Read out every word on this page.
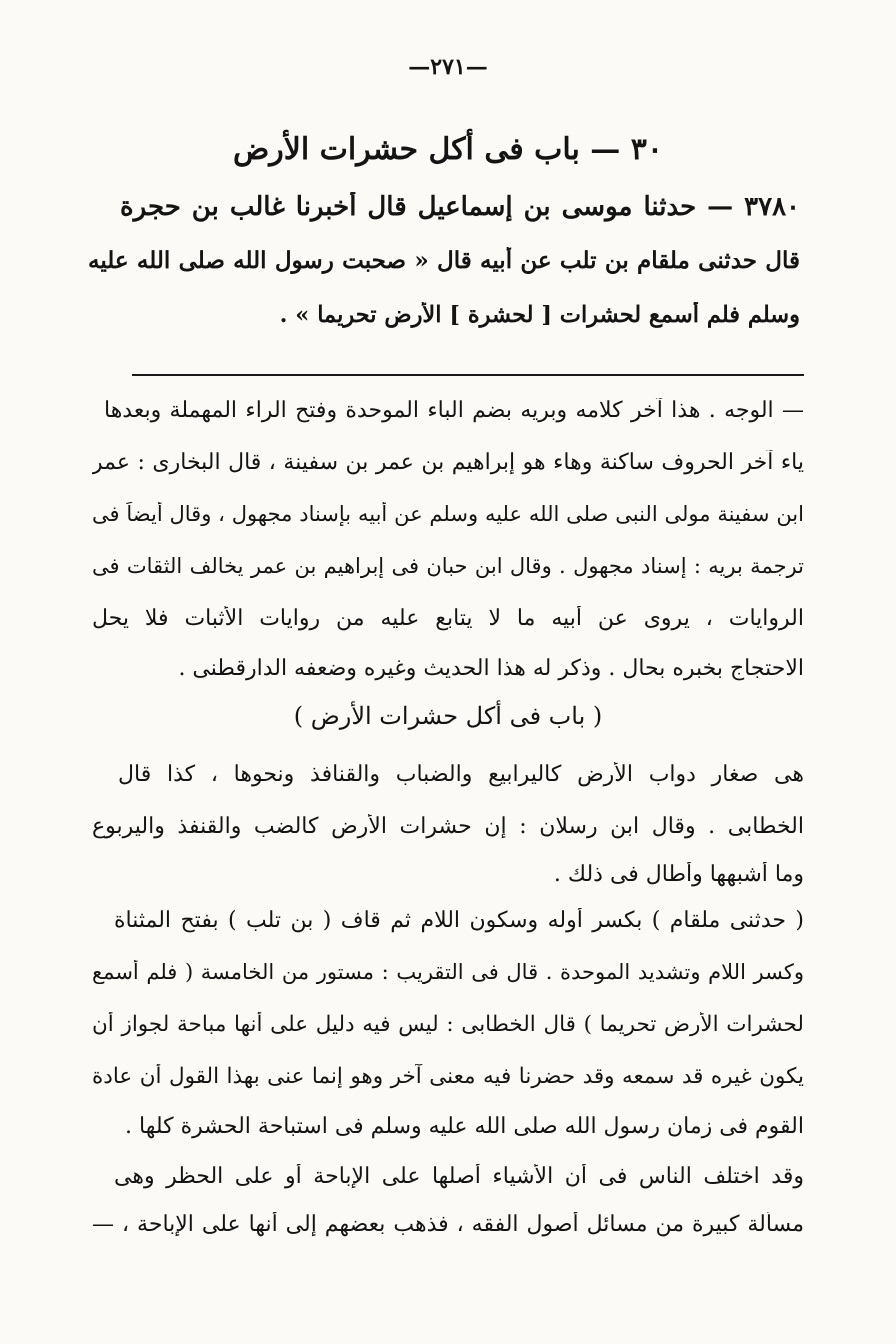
—٢٧١—
٣٠ — باب فى أكل حشرات الأرض
٣٧٨٠ — حدثنا موسى بن إسماعيل قال أخبرنا غالب بن حجرة
قال حدثنى ملقام بن تلب عن أبيه قال « صحبت رسول الله صلى الله عليه
وسلم فلم أسمع لحشرات [ لحشرة ] الأرض تحريما » .
— الوجه . هذا آخر كلامه وبريه بضم الباء الموحدة وفتح الراء المهملة وبعدها
ياء آخر الحروف ساكنة وهاء هو إبراهيم بن عمر بن سفينة ، قال البخارى : عمر
ابن سفينة مولى النبى صلى الله عليه وسلم عن أبيه بإسناد مجهول ، وقال أيضاً فى
ترجمة بريه : إسناد مجهول . وقال ابن حبان فى إبراهيم بن عمر يخالف الثقات فى
الروايات ، يروى عن أبيه ما لا يتابع عليه من روايات الأثبات فلا يحل
الاحتجاج بخبره بحال . وذكر له هذا الحديث وغيره وضعفه الدارقطنى .
( باب فى أكل حشرات الأرض )
هى صغار دواب الأرض كاليرابيع والضباب والقنافذ ونحوها ، كذا قال
الخطابى . وقال ابن رسلان : إن حشرات الأرض كالضب والقنفذ واليربوع
وما أشبهها وأطال فى ذلك .
( حدثنى ملقام ) بكسر أوله وسكون اللام ثم قاف ( بن تلب ) بفتح المثناة
وكسر اللام وتشديد الموحدة . قال فى التقريب : مستور من الخامسة ( فلم أسمع
لحشرات الأرض تحريما ) قال الخطابى : ليس فيه دليل على أنها مباحة لجواز أن
يكون غيره قد سمعه وقد حضرنا فيه معنى آخر وهو إنما عنى بهذا القول أن عادة
القوم فى زمان رسول الله صلى الله عليه وسلم فى استباحة الحشرة كلها .
وقد اختلف الناس فى أن الأشياء أصلها على الإباحة أو على الحظر وهى
مسألة كبيرة من مسائل أصول الفقه ، فذهب بعضهم إلى أنها على الإباحة ، —
